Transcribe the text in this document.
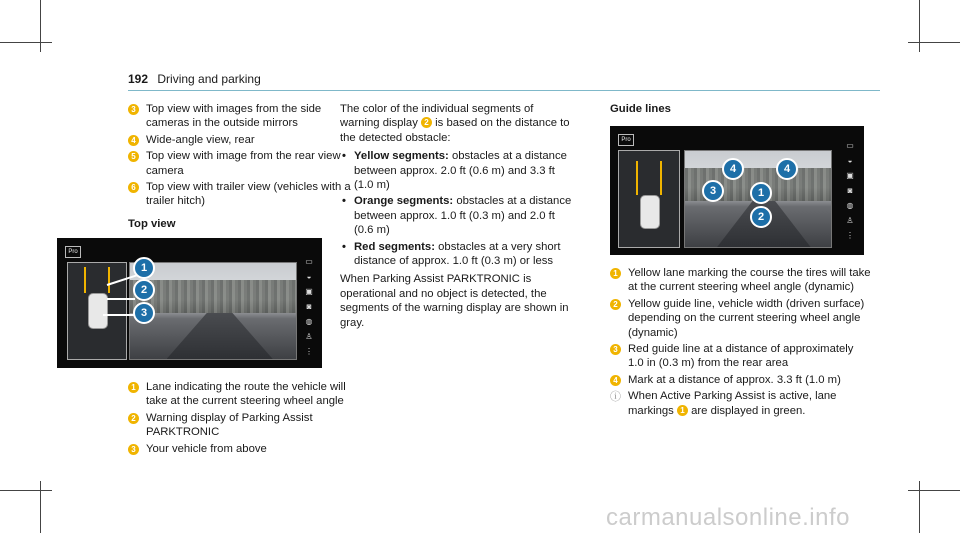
192 Driving and parking
3 Top view with images from the side cameras in the outside mirrors
4 Wide-angle view, rear
5 Top view with image from the rear view camera
6 Top view with trailer view (vehicles with a trailer hitch)
Top view
Pro
▭
◒
▣
◙
◍
♙
⋮
1
2
3
1 Lane indicating the route the vehicle will take at the current steering wheel angle
2 Warning display of Parking Assist PARKTRONIC
3 Your vehicle from above
The color of the individual segments of warning display 2 is based on the distance to the detected obstacle:
• Yellow segments: obstacles at a distance between approx. 2.0 ft (0.6 m) and 3.3 ft (1.0 m)
• Orange segments: obstacles at a distance between approx. 1.0 ft (0.3 m) and 2.0 ft (0.6 m)
• Red segments: obstacles at a very short distance of approx. 1.0 ft (0.3 m) or less
When Parking Assist PARKTRONIC is operational and no object is detected, the segments of the warning display are shown in gray.
Guide lines
Pro
▭
◒
▣
◙
◍
♙
⋮
4	4
3	1
2
1 Yellow lane marking the course the tires will take at the current steering wheel angle (dynamic)
2 Yellow guide line, vehicle width (driven surface) depending on the current steering wheel angle (dynamic)
3 Red guide line at a distance of approximately 1.0 in (0.3 m) from the rear area
4 Mark at a distance of approx. 3.3 ft (1.0 m)
ⓘ When Active Parking Assist is active, lane markings 1 are displayed in green.
carmanualsonline.info
